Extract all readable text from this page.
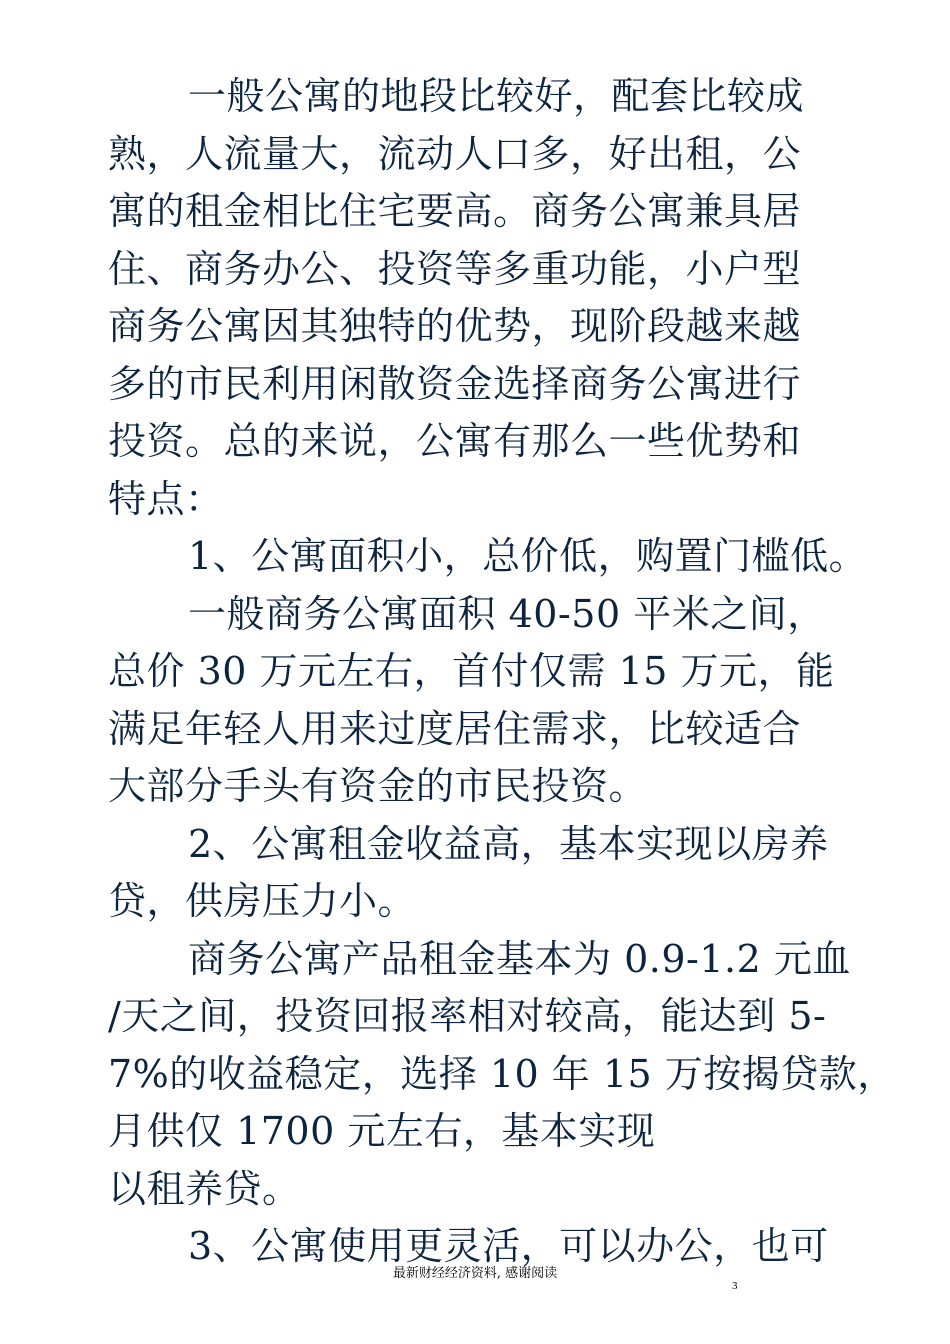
一般公寓的地段比较好，配套比较成
熟，人流量大，流动人口多，好出租，公
寓的租金相比住宅要高。商务公寓兼具居
住、商务办公、投资等多重功能，小户型
商务公寓因其独特的优势，现阶段越来越
多的市民利用闲散资金选择商务公寓进行
投资。总的来说，公寓有那么一些优势和
特点：
1、公寓面积小，总价低，购置门槛低。
一般商务公寓面积 40-50 平米之间，
总价 30 万元左右，首付仅需 15 万元，能
满足年轻人用来过度居住需求，比较适合
大部分手头有资金的市民投资。
2、公寓租金收益高，基本实现以房养
贷，供房压力小。
商务公寓产品租金基本为 0.9-1.2 元血
/天之间，投资回报率相对较高，能达到 5-
7%的收益稳定，选择 10 年 15 万按揭贷款，
月供仅 1700 元左右，基本实现
以租养贷。
3、公寓使用更灵活，可以办公，也可
最新财经经济资料, 感谢阅读
3
